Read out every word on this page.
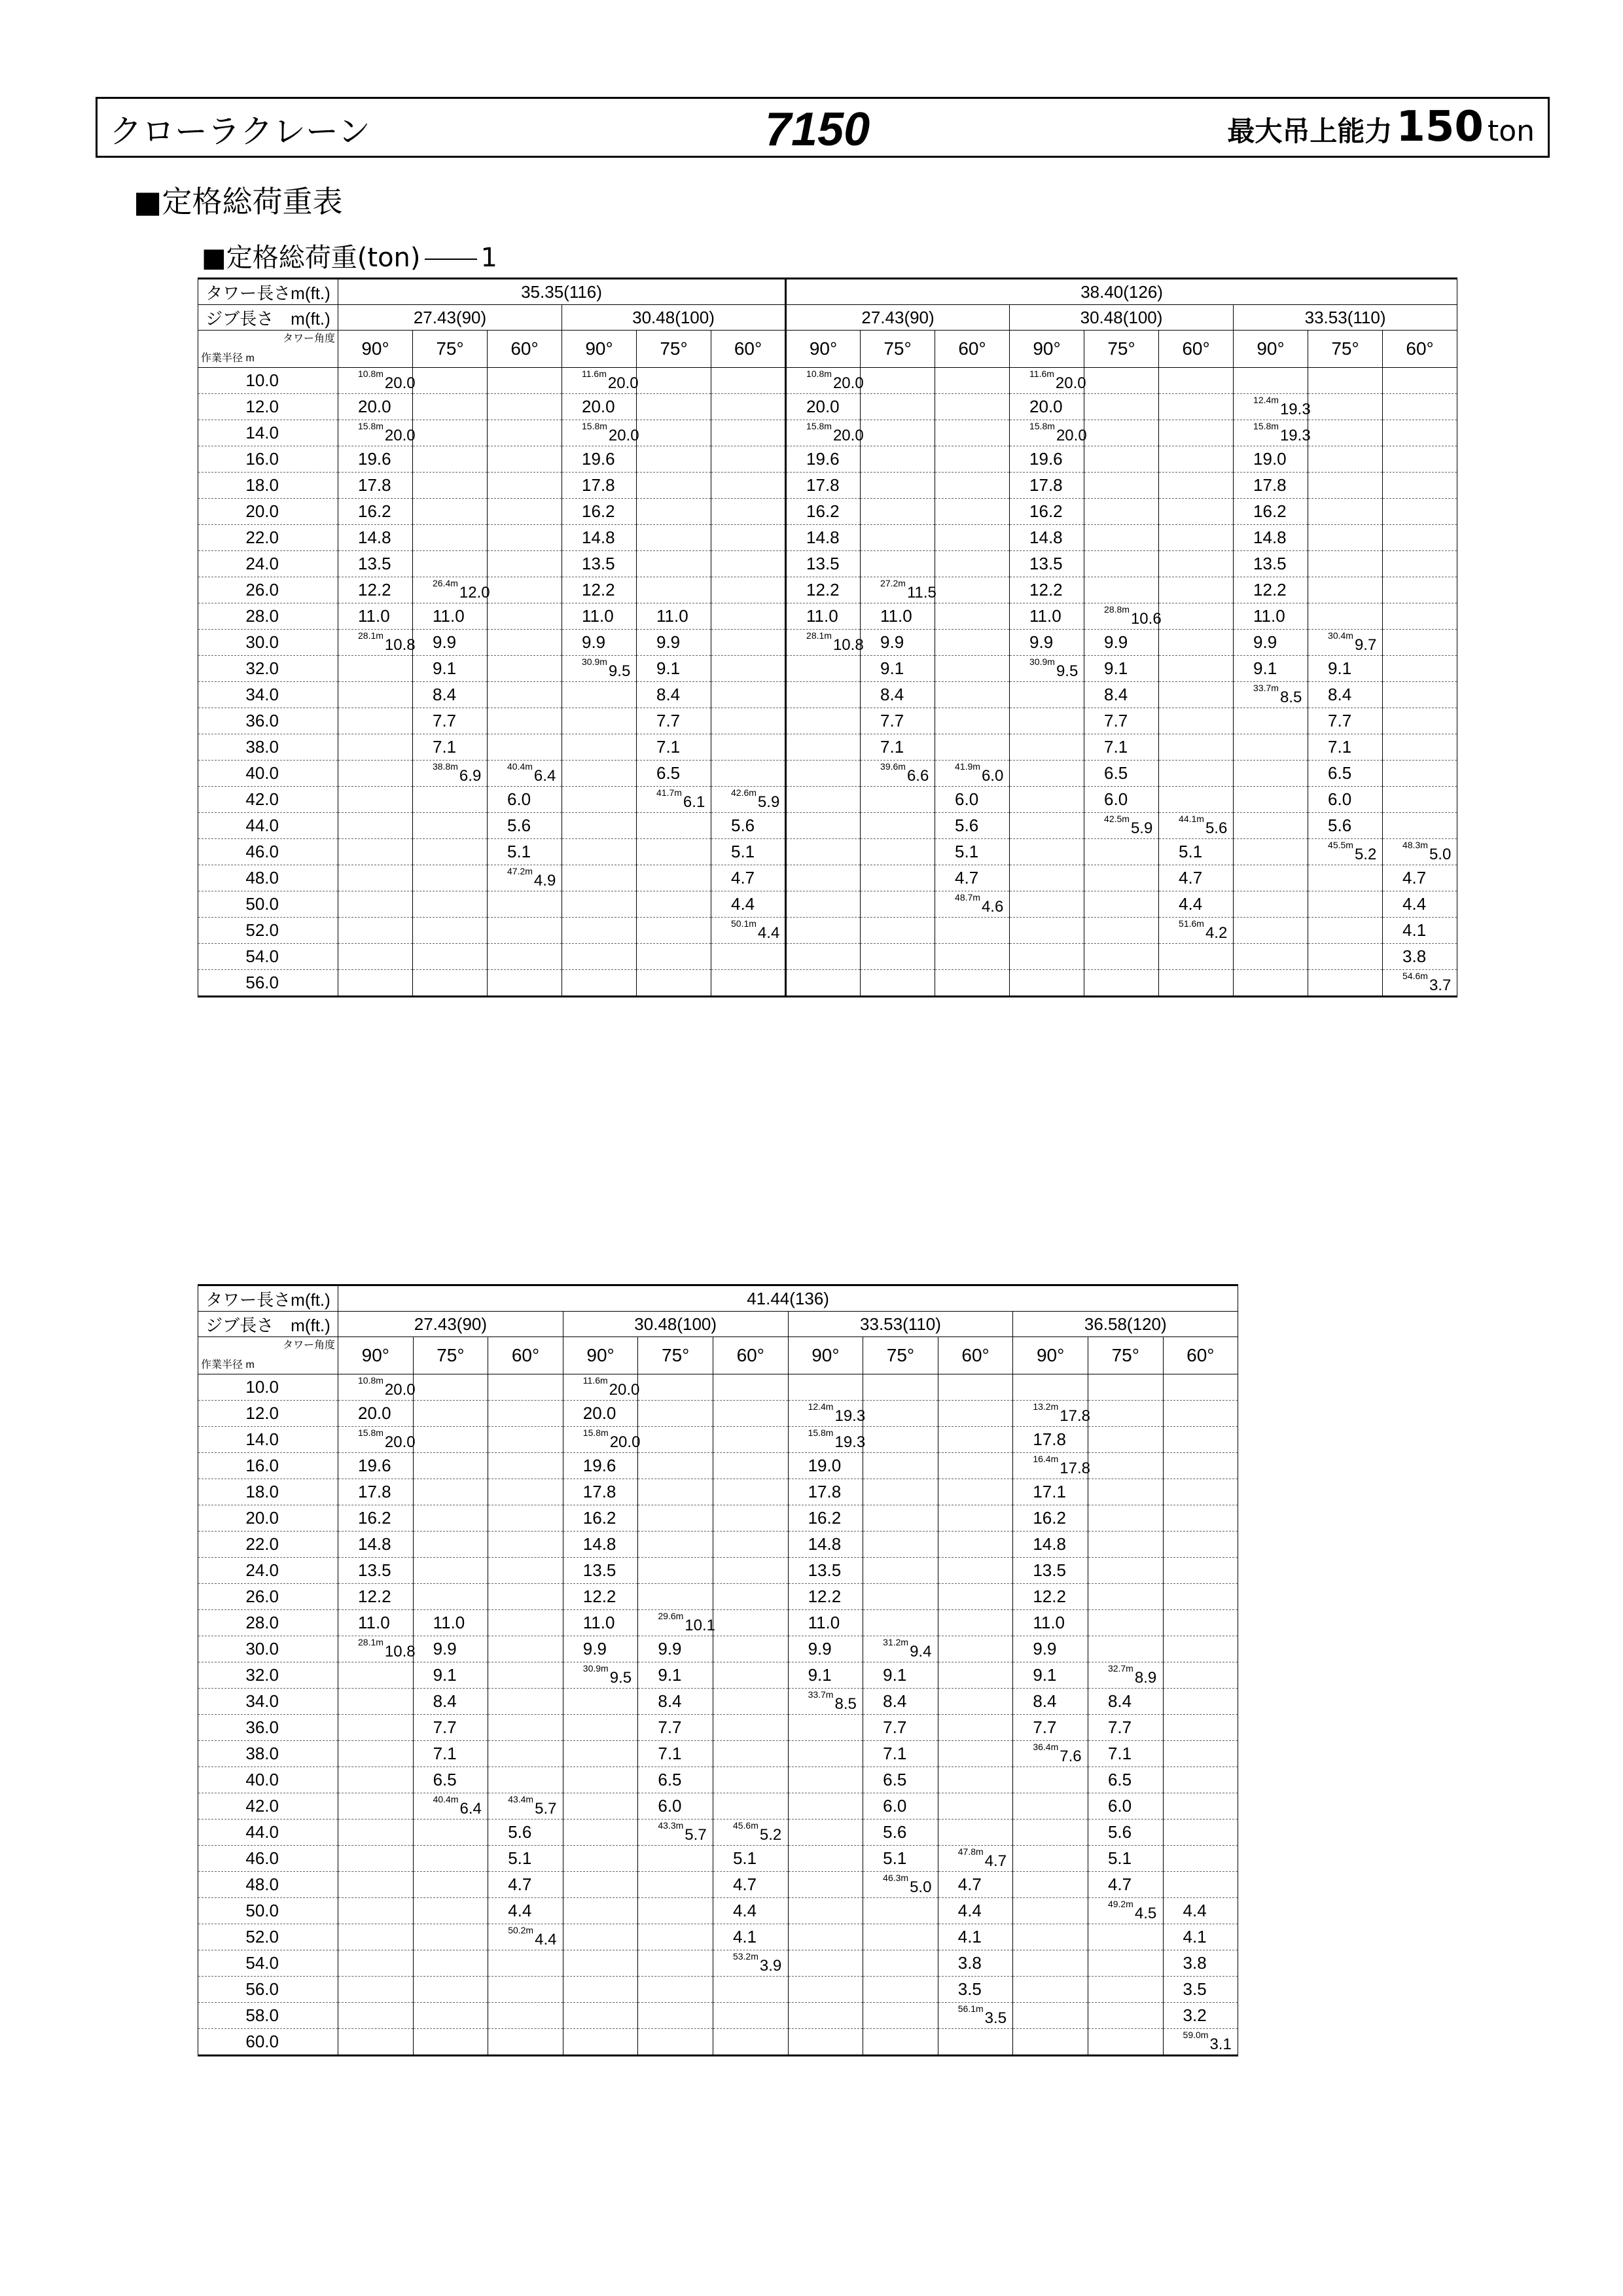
クローラクレーン	7150	最大吊上能力150 ton
■定格総荷重表
■定格総荷重(ton) 1
タワー長さm(ft.)	35.35(116)						38.40(126)								
ジブ長さ　m(ft.)	27.43(90)			30.48(100)			27.43(90)			30.48(100)			33.53(110)		

タワー角度
作業半径 m	90°	75°	60°	90°	75°	60°	90°	75°	60°	90°	75°	60°	90°	75°	60°
10.0	$^{10.8m}$20.0			$^{11.6m}$20.0			$^{10.8m}$20.0			$^{11.6m}$20.0					
12.0	20.0			20.0			20.0			20.0			$^{12.4m}$19.3		
14.0	$^{15.8m}$20.0			$^{15.8m}$20.0			$^{15.8m}$20.0			$^{15.8m}$20.0			$^{15.8m}$19.3		
16.0	19.6			19.6			19.6			19.6			19.0		
18.0	17.8			17.8			17.8			17.8			17.8		
20.0	16.2			16.2			16.2			16.2			16.2		
22.0	14.8			14.8			14.8			14.8			14.8		
24.0	13.5			13.5			13.5			13.5			13.5		
26.0	12.2	$^{26.4m}$12.0		12.2			12.2	$^{27.2m}$11.5		12.2			12.2		
28.0	11.0	11.0		11.0	11.0		11.0	11.0		11.0	$^{28.8m}$10.6		11.0		
30.0	$^{28.1m}$10.8	9.9		9.9	9.9		$^{28.1m}$10.8	9.9		9.9	9.9		9.9	$^{30.4m}$9.7	
32.0		9.1		$^{30.9m}$9.5	9.1			9.1		$^{30.9m}$9.5	9.1		9.1	9.1	
34.0		8.4			8.4			8.4			8.4		$^{33.7m}$8.5	8.4	
36.0		7.7			7.7			7.7			7.7			7.7	
38.0		7.1			7.1			7.1			7.1			7.1	
40.0		$^{38.8m}$6.9	$^{40.4m}$6.4		6.5			$^{39.6m}$6.6	$^{41.9m}$6.0		6.5			6.5	
42.0			6.0		$^{41.7m}$6.1	$^{42.6m}$5.9			6.0		6.0			6.0	
44.0			5.6			5.6			5.6		$^{42.5m}$5.9	$^{44.1m}$5.6		5.6	
46.0			5.1			5.1			5.1			5.1		$^{45.5m}$5.2	$^{48.3m}$5.0
48.0			$^{47.2m}$4.9			4.7			4.7			4.7			4.7
50.0						4.4			$^{48.7m}$4.6			4.4			4.4
52.0						$^{50.1m}$4.4						$^{51.6m}$4.2			4.1
54.0															3.8
56.0															$^{54.6m}$3.7
タワー長さm(ft.)	41.44(136)											
ジブ長さ　m(ft.)	27.43(90)			30.48(100)			33.53(110)			36.58(120)		

タワー角度
作業半径 m	90°	75°	60°	90°	75°	60°	90°	75°	60°	90°	75°	60°
10.0	$^{10.8m}$20.0			$^{11.6m}$20.0								
12.0	20.0			20.0			$^{12.4m}$19.3			$^{13.2m}$17.8		
14.0	$^{15.8m}$20.0			$^{15.8m}$20.0			$^{15.8m}$19.3			17.8		
16.0	19.6			19.6			19.0			$^{16.4m}$17.8		
18.0	17.8			17.8			17.8			17.1		
20.0	16.2			16.2			16.2			16.2		
22.0	14.8			14.8			14.8			14.8		
24.0	13.5			13.5			13.5			13.5		
26.0	12.2			12.2			12.2			12.2		
28.0	11.0	11.0		11.0	$^{29.6m}$10.1		11.0			11.0		
30.0	$^{28.1m}$10.8	9.9		9.9	9.9		9.9	$^{31.2m}$9.4		9.9		
32.0		9.1		$^{30.9m}$9.5	9.1		9.1	9.1		9.1	$^{32.7m}$8.9	
34.0		8.4			8.4		$^{33.7m}$8.5	8.4		8.4	8.4	
36.0		7.7			7.7			7.7		7.7	7.7	
38.0		7.1			7.1			7.1		$^{36.4m}$7.6	7.1	
40.0		6.5			6.5			6.5			6.5	
42.0		$^{40.4m}$6.4	$^{43.4m}$5.7		6.0			6.0			6.0	
44.0			5.6		$^{43.3m}$5.7	$^{45.6m}$5.2		5.6			5.6	
46.0			5.1			5.1		5.1	$^{47.8m}$4.7		5.1	
48.0			4.7			4.7		$^{46.3m}$5.0	4.7		4.7	
50.0			4.4			4.4			4.4		$^{49.2m}$4.5	4.4
52.0			$^{50.2m}$4.4			4.1			4.1			4.1
54.0						$^{53.2m}$3.9			3.8			3.8
56.0									3.5			3.5
58.0									$^{56.1m}$3.5			3.2
60.0												$^{59.0m}$3.1
